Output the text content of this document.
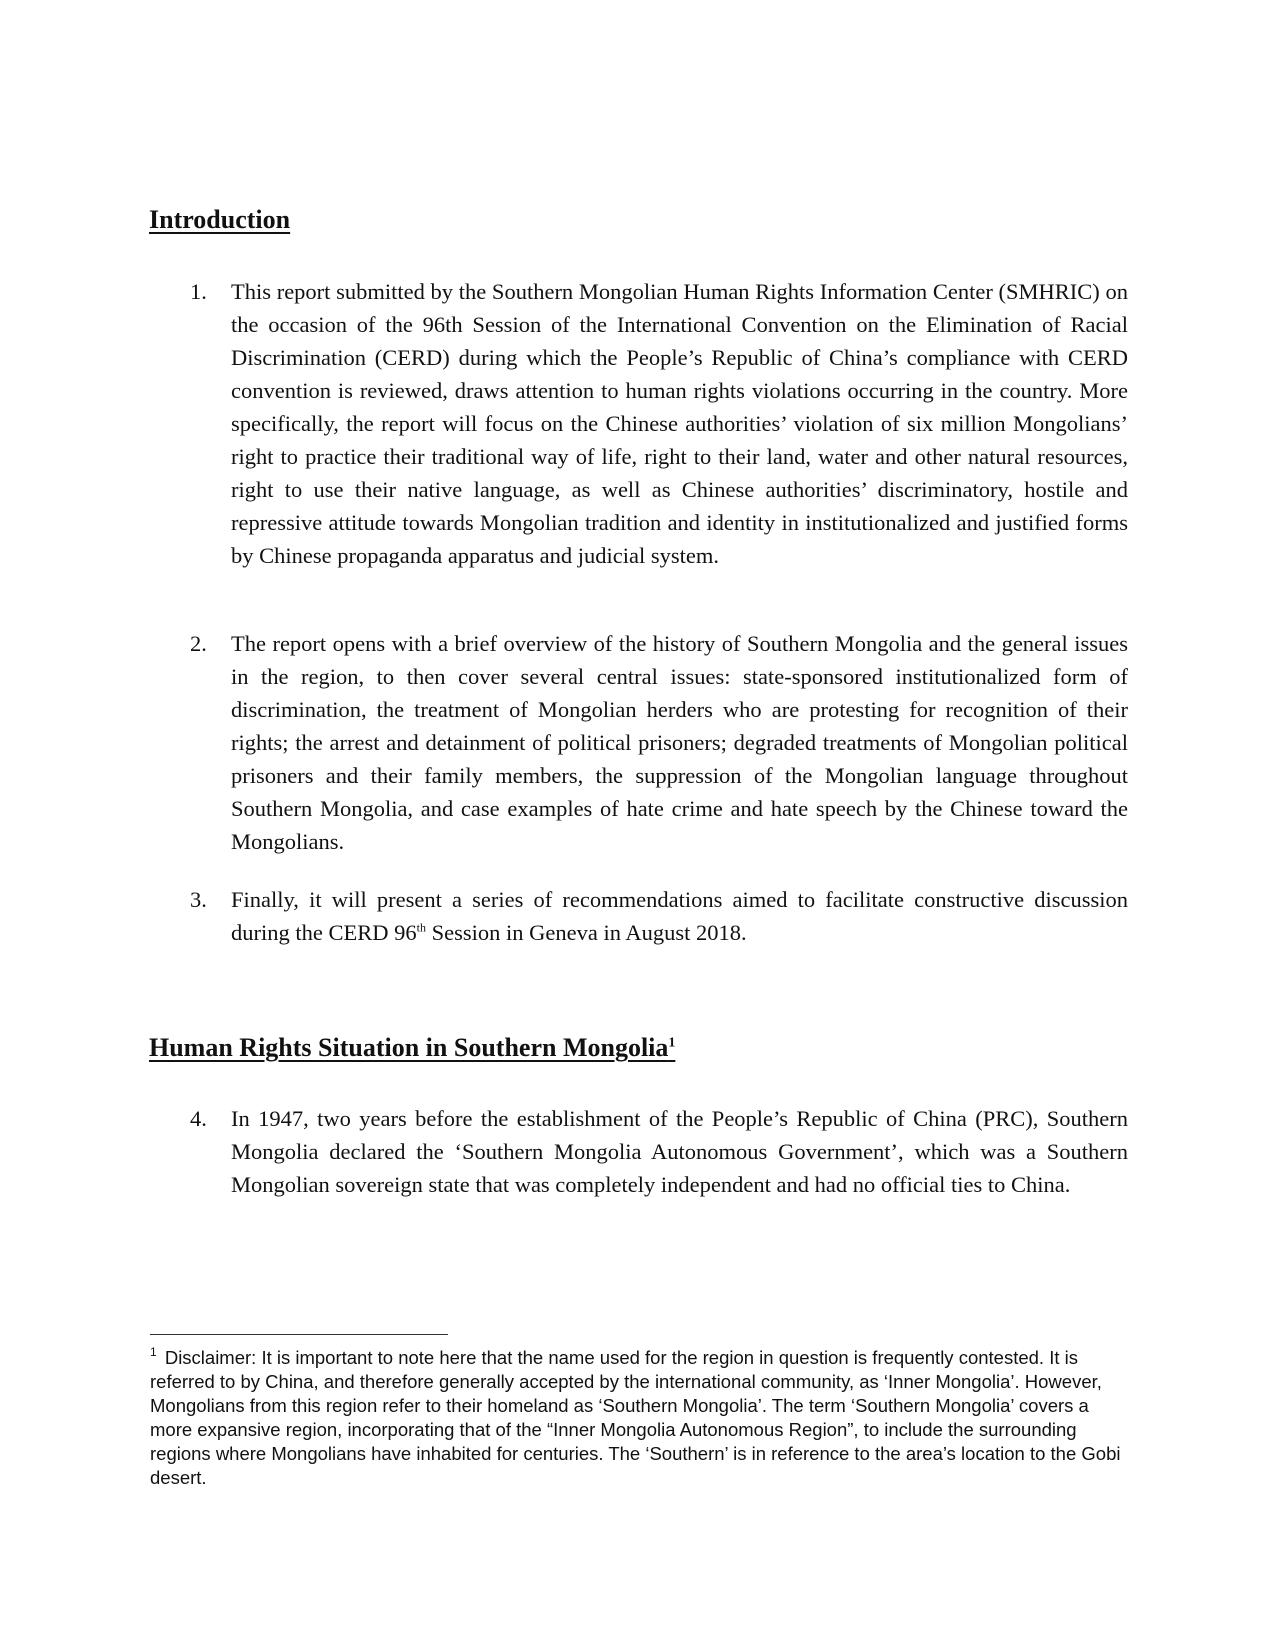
Introduction
1.	This report submitted by the Southern Mongolian Human Rights Information Center (SMHRIC) on the occasion of the 96th Session of the International Convention on the Elimination of Racial Discrimination (CERD) during which the People’s Republic of China’s compliance with CERD convention is reviewed, draws attention to human rights violations occurring in the country. More specifically, the report will focus on the Chinese authorities’ violation of six million Mongolians’ right to practice their traditional way of life, right to their land, water and other natural resources, right to use their native language, as well as Chinese authorities’ discriminatory, hostile and repressive attitude towards Mongolian tradition and identity in institutionalized and justified forms by Chinese propaganda apparatus and judicial system.

2.	The report opens with a brief overview of the history of Southern Mongolia and the general issues in the region, to then cover several central issues: state-sponsored institutionalized form of discrimination, the treatment of Mongolian herders who are protesting for recognition of their rights; the arrest and detainment of political prisoners; degraded treatments of Mongolian political prisoners and their family members, the suppression of the Mongolian language throughout Southern Mongolia, and case examples of hate crime and hate speech by the Chinese toward the Mongolians.

3.	Finally, it will present a series of recommendations aimed to facilitate constructive discussion during the CERD 96th Session in Geneva in August 2018.

Human Rights Situation in Southern Mongolia$^1$
4.	In 1947, two years before the establishment of the People’s Republic of China (PRC), Southern Mongolia declared the ‘Southern Mongolia Autonomous Government’, which was a Southern Mongolian sovereign state that was completely independent and had no official ties to China.

$^1$ Disclaimer: It is important to note here that the name used for the region in question is frequently contested. It is referred to by China, and therefore generally accepted by the international community, as ‘Inner Mongolia’. However, Mongolians from this region refer to their homeland as ‘Southern Mongolia’. The term ‘Southern Mongolia’ covers a more expansive region, incorporating that of the “Inner Mongolia Autonomous Region”, to include the surrounding regions where Mongolians have inhabited for centuries. The ‘Southern’ is in reference to the area’s location to the Gobi desert.
